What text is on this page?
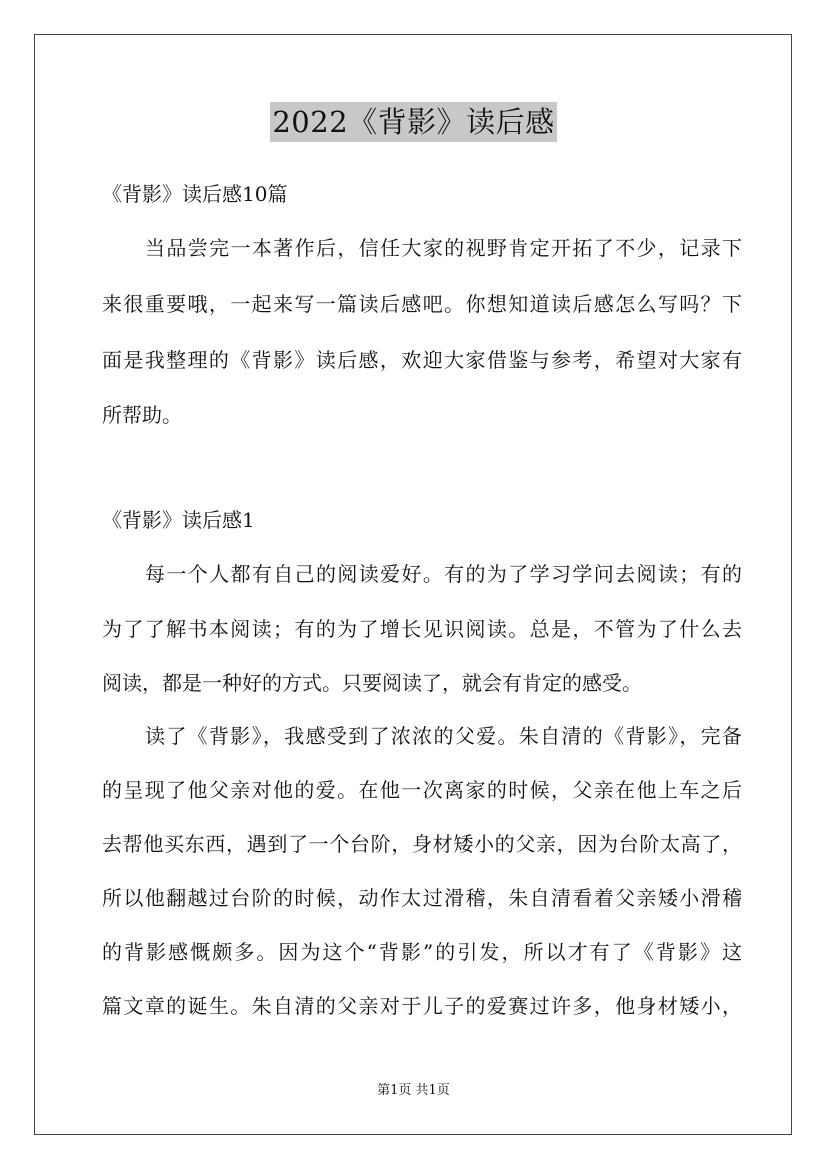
2022《背影》读后感
《背影》读后感10篇
当品尝完一本著作后，信任大家的视野肯定开拓了不少，记录下
来很重要哦，一起来写一篇读后感吧。你想知道读后感怎么写吗？下
面是我整理的《背影》读后感，欢迎大家借鉴与参考，希望对大家有
所帮助。
《背影》读后感1
每一个人都有自己的阅读爱好。有的为了学习学问去阅读；有的
为了了解书本阅读；有的为了增长见识阅读。总是，不管为了什么去
阅读，都是一种好的方式。只要阅读了，就会有肯定的感受。
读了《背影》，我感受到了浓浓的父爱。朱自清的《背影》，完备
的呈现了他父亲对他的爱。在他一次离家的时候，父亲在他上车之后
去帮他买东西，遇到了一个台阶，身材矮小的父亲，因为台阶太高了，
所以他翻越过台阶的时候，动作太过滑稽，朱自清看着父亲矮小滑稽
的背影感慨颇多。因为这个“背影”的引发，所以才有了《背影》这
篇文章的诞生。朱自清的父亲对于儿子的爱赛过许多，他身材矮小，
第1页 共1页
